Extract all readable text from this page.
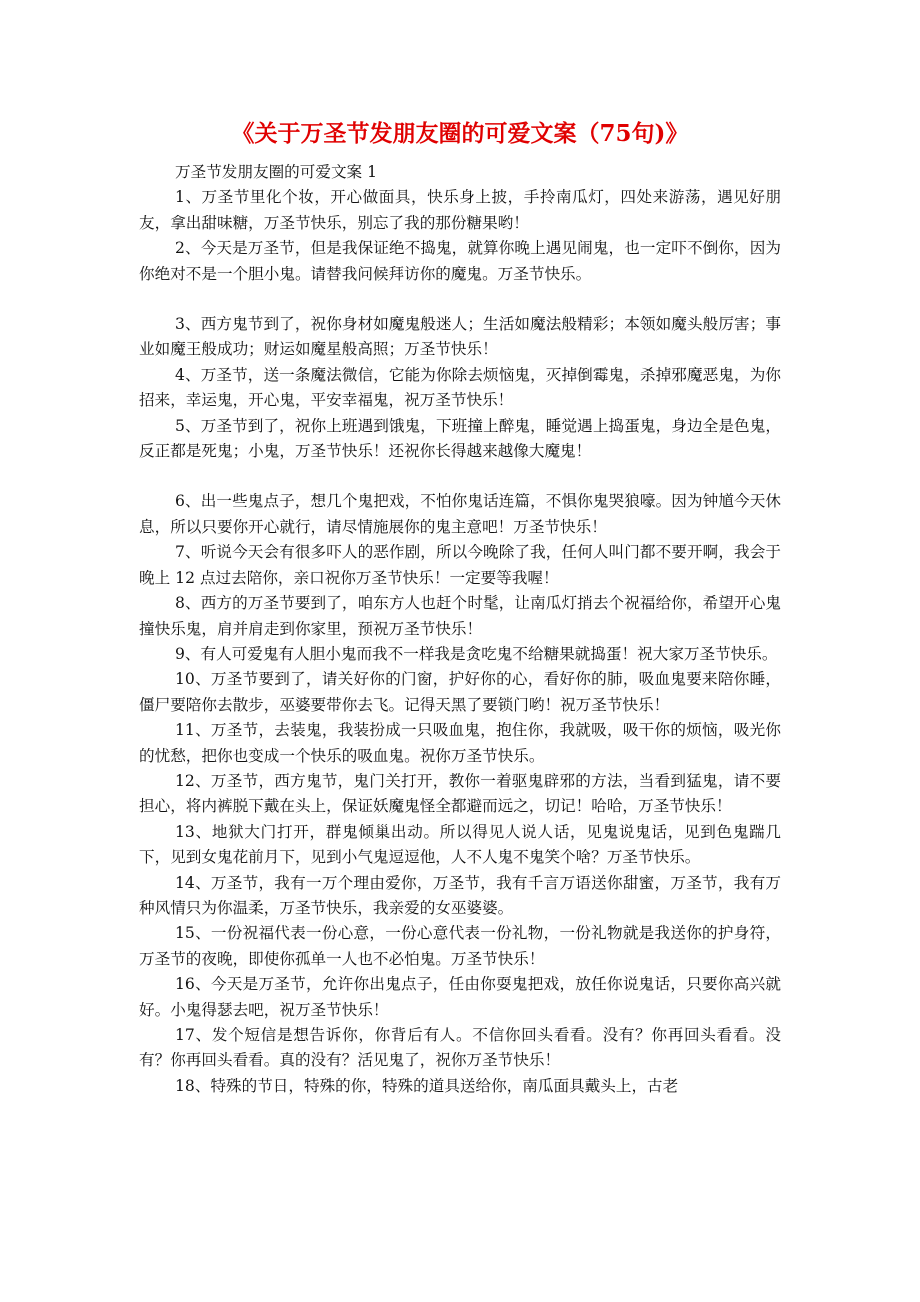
《关于万圣节发朋友圈的可爱文案（75句)》

万圣节发朋友圈的可爱文案 1

1、万圣节里化个妆，开心做面具，快乐身上披，手拎南瓜灯，四处来游荡，遇见好朋友，拿出甜味糖，万圣节快乐，别忘了我的那份糖果哟！

2、今天是万圣节，但是我保证绝不捣鬼，就算你晚上遇见闹鬼，也一定吓不倒你，因为你绝对不是一个胆小鬼。请替我问候拜访你的魔鬼。万圣节快乐。

3、西方鬼节到了，祝你身材如魔鬼般迷人；生活如魔法般精彩；本领如魔头般厉害；事业如魔王般成功；财运如魔星般高照；万圣节快乐！

4、万圣节，送一条魔法微信，它能为你除去烦恼鬼，灭掉倒霉鬼，杀掉邪魔恶鬼，为你招来，幸运鬼，开心鬼，平安幸福鬼，祝万圣节快乐！

5、万圣节到了，祝你上班遇到饿鬼，下班撞上醉鬼，睡觉遇上捣蛋鬼，身边全是色鬼，反正都是死鬼；小鬼，万圣节快乐！还祝你长得越来越像大魔鬼！

6、出一些鬼点子，想几个鬼把戏，不怕你鬼话连篇，不惧你鬼哭狼嚎。因为钟馗今天休息，所以只要你开心就行，请尽情施展你的鬼主意吧！万圣节快乐！

7、听说今天会有很多吓人的恶作剧，所以今晚除了我，任何人叫门都不要开啊，我会于晚上 12 点过去陪你，亲口祝你万圣节快乐！一定要等我喔！

8、西方的万圣节要到了，咱东方人也赶个时髦，让南瓜灯捎去个祝福给你，希望开心鬼撞快乐鬼，肩并肩走到你家里，预祝万圣节快乐！

9、有人可爱鬼有人胆小鬼而我不一样我是贪吃鬼不给糖果就捣蛋！祝大家万圣节快乐。

10、万圣节要到了，请关好你的门窗，护好你的心，看好你的肺，吸血鬼要来陪你睡，僵尸要陪你去散步，巫婆要带你去飞。记得天黑了要锁门哟！祝万圣节快乐！

11、万圣节，去装鬼，我装扮成一只吸血鬼，抱住你，我就吸，吸干你的烦恼，吸光你的忧愁，把你也变成一个快乐的吸血鬼。祝你万圣节快乐。

12、万圣节，西方鬼节，鬼门关打开，教你一着驱鬼辟邪的方法，当看到猛鬼，请不要担心，将内裤脱下戴在头上，保证妖魔鬼怪全都避而远之，切记！哈哈，万圣节快乐！

13、地狱大门打开，群鬼倾巢出动。所以得见人说人话，见鬼说鬼话，见到色鬼踹几下，见到女鬼花前月下，见到小气鬼逗逗他，人不人鬼不鬼笑个啥？万圣节快乐。

14、万圣节，我有一万个理由爱你，万圣节，我有千言万语送你甜蜜，万圣节，我有万种风情只为你温柔，万圣节快乐，我亲爱的女巫婆婆。

15、一份祝福代表一份心意，一份心意代表一份礼物，一份礼物就是我送你的护身符，万圣节的夜晚，即使你孤单一人也不必怕鬼。万圣节快乐！

16、今天是万圣节，允许你出鬼点子，任由你耍鬼把戏，放任你说鬼话，只要你高兴就好。小鬼得瑟去吧，祝万圣节快乐！

17、发个短信是想告诉你，你背后有人。不信你回头看看。没有？你再回头看看。没有？你再回头看看。真的没有？活见鬼了，祝你万圣节快乐！

18、特殊的节日，特殊的你，特殊的道具送给你，南瓜面具戴头上，古老
